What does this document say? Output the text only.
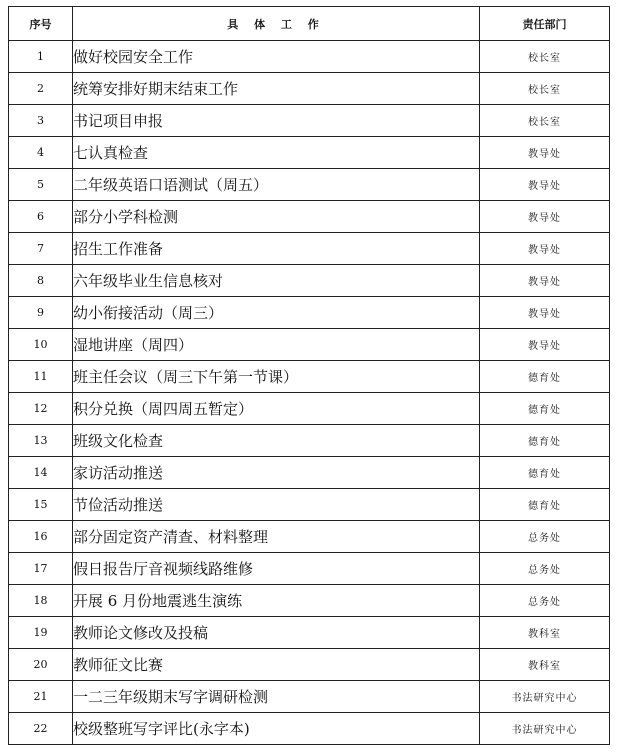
序号	具 体 工 作	责任部门
1	做好校园安全工作	校长室
2	统筹安排好期末结束工作	校长室
3	书记项目申报	校长室
4	七认真检查	教导处
5	二年级英语口语测试（周五）	教导处
6	部分小学科检测	教导处
7	招生工作准备	教导处
8	六年级毕业生信息核对	教导处
9	幼小衔接活动（周三）	教导处
10	湿地讲座（周四）	教导处
11	班主任会议（周三下午第一节课）	德育处
12	积分兑换（周四周五暂定）	德育处
13	班级文化检查	德育处
14	家访活动推送	德育处
15	节俭活动推送	德育处
16	部分固定资产清查、材料整理	总务处
17	假日报告厅音视频线路维修	总务处
18	开展 6 月份地震逃生演练	总务处
19	教师论文修改及投稿	教科室
20	教师征文比赛	教科室
21	一二三年级期末写字调研检测	书法研究中心
22	校级整班写字评比(永字本)	书法研究中心
